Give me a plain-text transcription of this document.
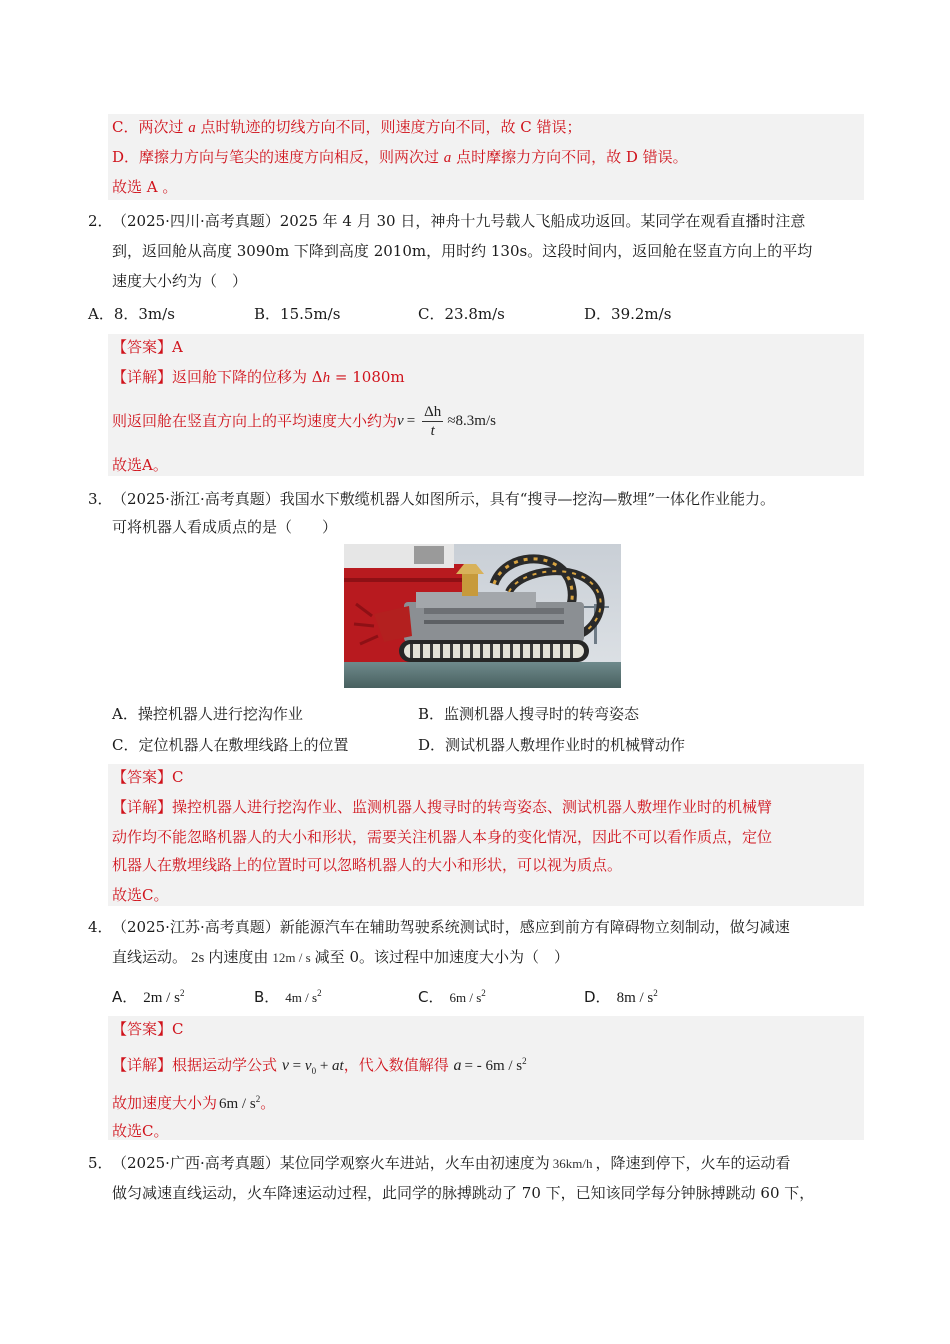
C．两次过 a 点时轨迹的切线方向不同，则速度方向不同，故 C 错误；
D．摩擦力方向与笔尖的速度方向相反，则两次过 a 点时摩擦力方向不同，故 D 错误。
故选 A 。
2． （2025·四川·高考真题）2025 年 4 月 30 日，神舟十九号载人飞船成功返回。某同学在观看直播时注意
到，返回舱从高度 3090m 下降到高度 2010m，用时约 130s。这段时间内，返回舱在竖直方向上的平均
速度大小约为（　）
A．8．3m/s	B．15.5m/s	C．23.8m/s	D．39.2m/s
【答案】A
【详解】返回舱下降的位移为 Δh = 1080m
则返回舱在竖直方向上的平均速度大小约为 $v = \frac{\Delta h}{t} \approx 8.3m/s$
故选A。
3． （2025·浙江·高考真题）我国水下敷缆机器人如图所示，具有“搜寻—挖沟—敷埋”一体化作业能力。
可将机器人看成质点的是（　　）
A．操控机器人进行挖沟作业	B．监测机器人搜寻时的转弯姿态
C．定位机器人在敷埋线路上的位置	D．测试机器人敷埋作业时的机械臂动作
【答案】C
【详解】操控机器人进行挖沟作业、监测机器人搜寻时的转弯姿态、测试机器人敷埋作业时的机械臂
动作均不能忽略机器人的大小和形状，需要关注机器人本身的变化情况，因此不可以看作质点，定位
机器人在敷埋线路上的位置时可以忽略机器人的大小和形状，可以视为质点。
故选C。
4． （2025·江苏·高考真题）新能源汽车在辅助驾驶系统测试时，感应到前方有障碍物立刻制动，做匀减速
直线运动。 2s 内速度由 12m / s 减至 0。该过程中加速度大小为（　）
A． $2m / s^2$	B． $4m / s^2$	C． $6m / s^2$	D． $8m / s^2$
【答案】C
【详解】根据运动学公式 $v = v_0$ + at，代入数值解得 a = - $6m / s^2$
故加速度大小为 $6m / s^2$。
故选C。
5． （2025·广西·高考真题）某位同学观察火车进站，火车由初速度为 36km/h ，降速到停下，火车的运动看
做匀减速直线运动，火车降速运动过程，此同学的脉搏跳动了 70 下，已知该同学每分钟脉搏跳动 60 下，
